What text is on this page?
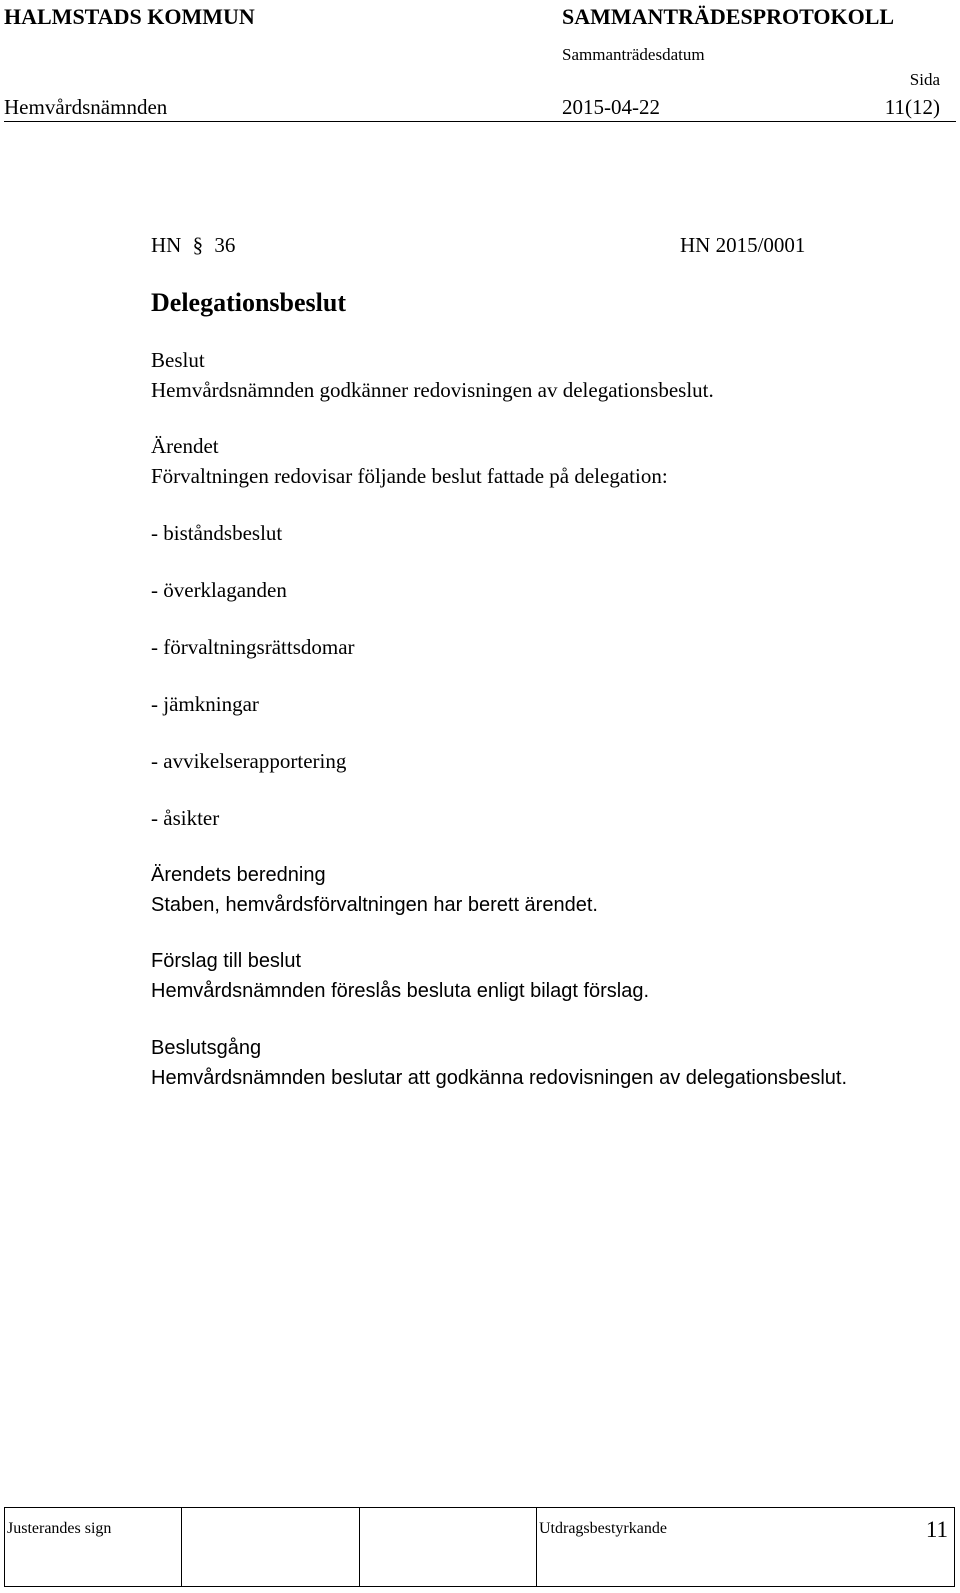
HALMSTADS KOMMUN	SAMMANTRÄDESPROTOKOLL
Sammanträdesdatum
Sida
Hemvårdsnämnden	2015-04-22	11(12)
HN § 36	HN 2015/0001
Delegationsbeslut
Beslut
Hemvårdsnämnden godkänner redovisningen av delegationsbeslut.
Ärendet
Förvaltningen redovisar följande beslut fattade på delegation:
- biståndsbeslut
- överklaganden
- förvaltningsrättsdomar
- jämkningar
- avvikelserapportering
- åsikter
Ärendets beredning
Staben, hemvårdsförvaltningen har berett ärendet.
Förslag till beslut
Hemvårdsnämnden föreslås besluta enligt bilagt förslag.
Beslutsgång
Hemvårdsnämnden beslutar att godkänna redovisningen av delegationsbeslut.
Justerandes sign			Utdragsbestyrkande	11
